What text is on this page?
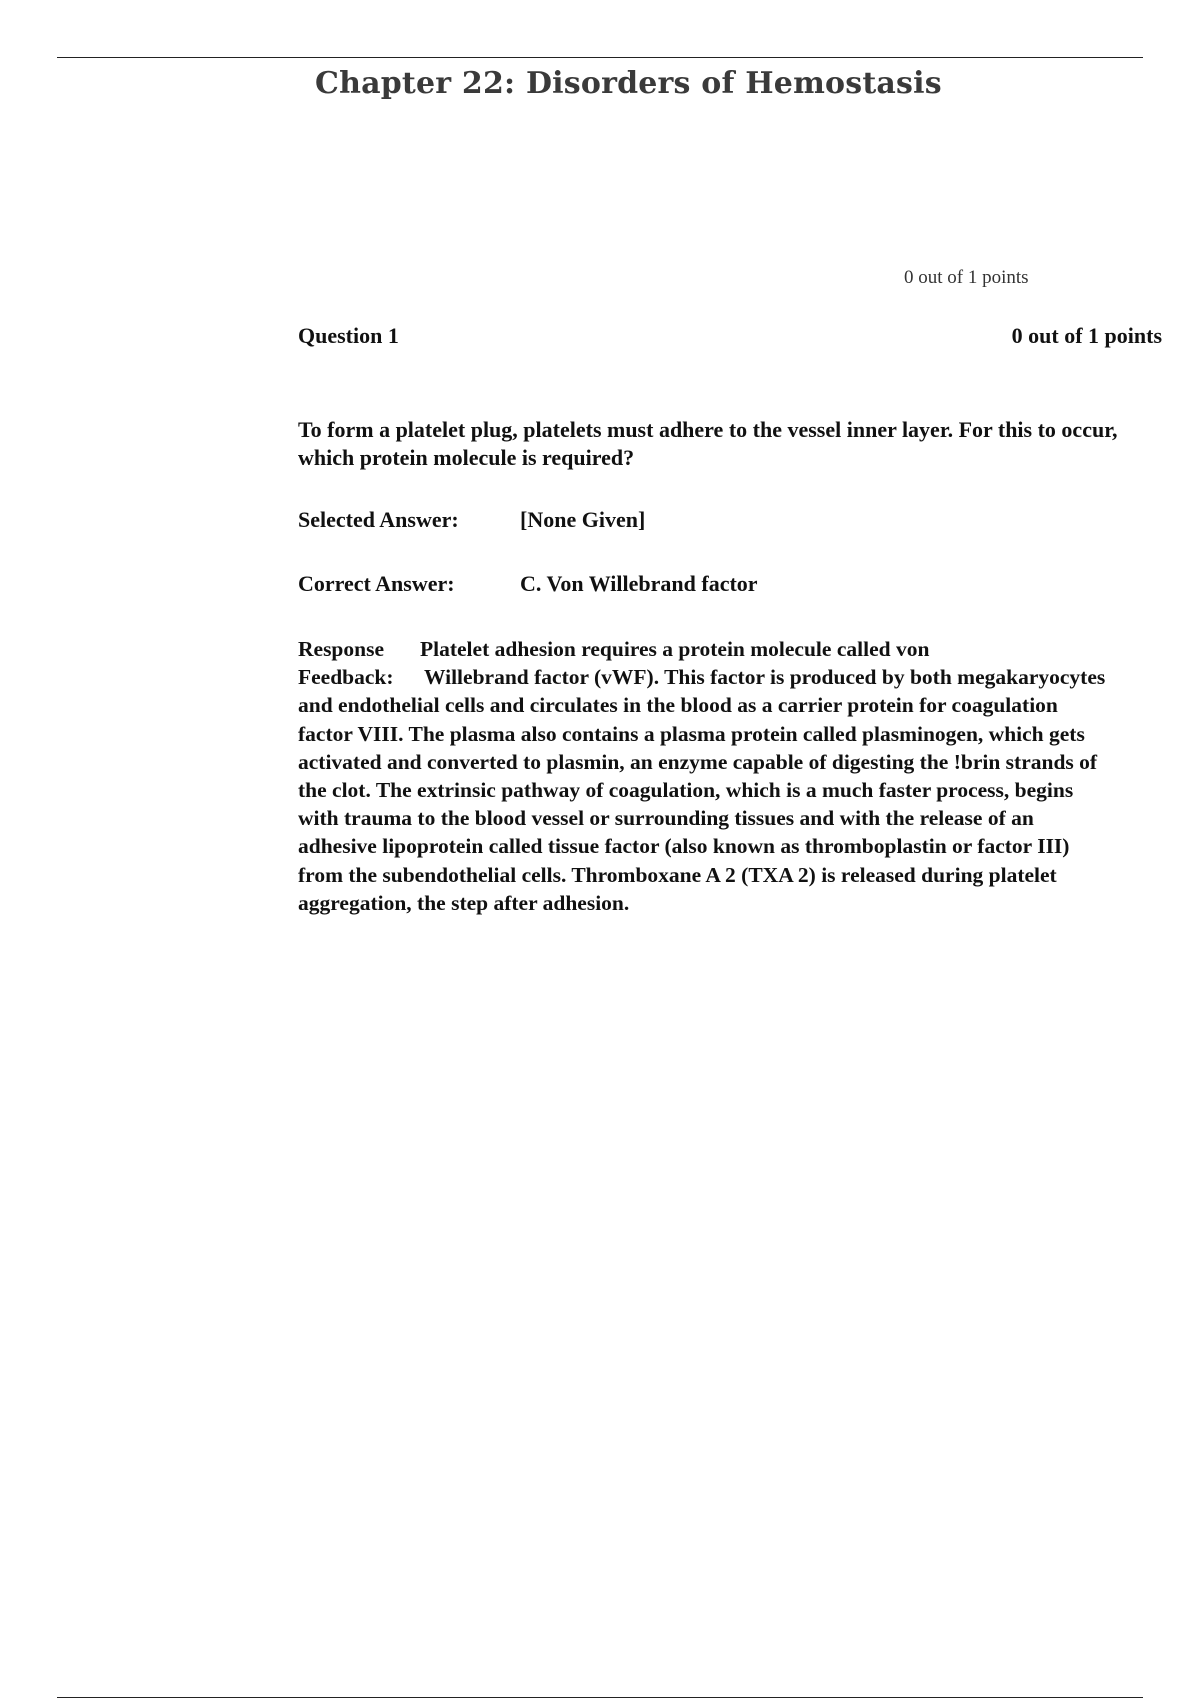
Chapter 22: Disorders of Hemostasis
0 out of 1 points
Question 1	0 out of 1 points
To form a platelet plug, platelets must adhere to the vessel inner layer. For this to occur, which protein molecule is required?
Selected Answer:	[None Given]
Correct Answer:	C. Von Willebrand factor
Response Platelet adhesion requires a protein molecule called von
Feedback: Willebrand factor (vWF). This factor is produced by both megakaryocytes
and endothelial cells and circulates in the blood as a carrier protein for coagulation
factor VIII. The plasma also contains a plasma protein called plasminogen, which gets
activated and converted to plasmin, an enzyme capable of digesting the !brin strands of
the clot. The extrinsic pathway of coagulation, which is a much faster process, begins
with trauma to the blood vessel or surrounding tissues and with the release of an
adhesive lipoprotein called tissue factor (also known as thromboplastin or factor III)
from the subendothelial cells. Thromboxane A 2 (TXA 2) is released during platelet
aggregation, the step after adhesion.
